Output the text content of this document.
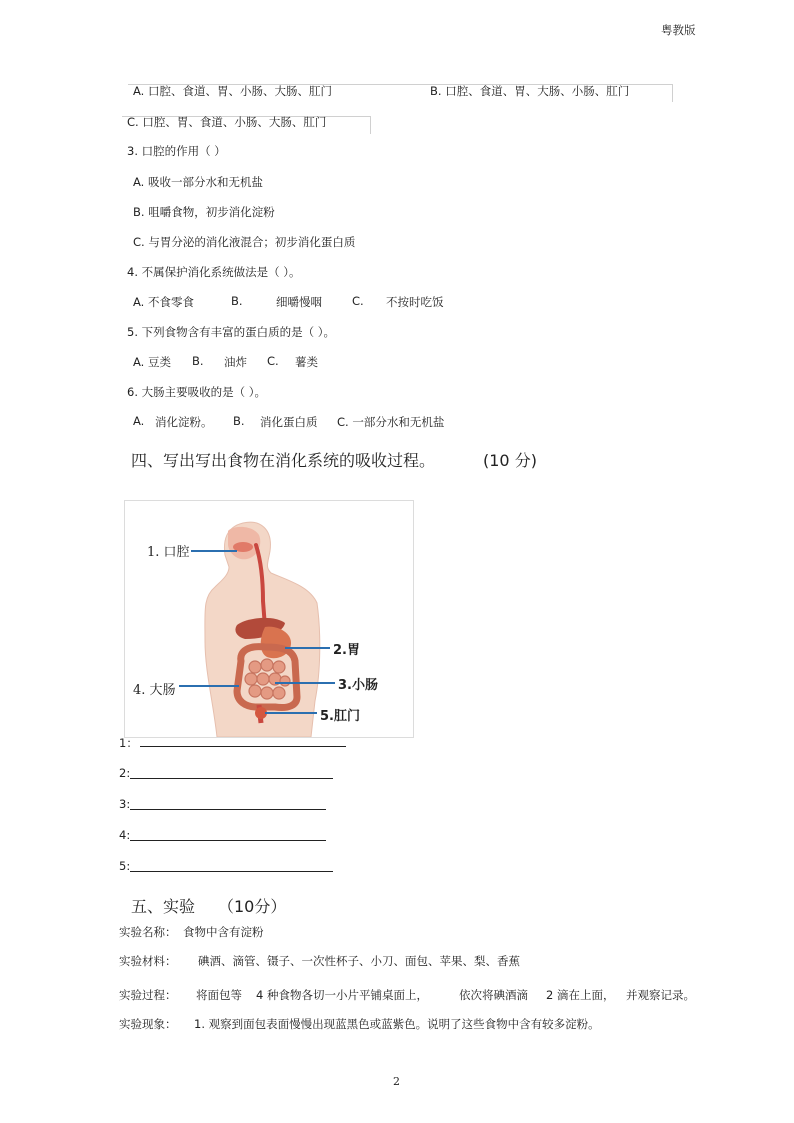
粤教版
A. 口腔、食道、胃、小肠、大肠、肛门	B. 口腔、食道、胃、大肠、小肠、肛门
C. 口腔、胃、食道、小肠、大肠、肛门
3. 口腔的作用（ ）
A. 吸收一部分水和无机盐
B. 咀嚼食物，初步消化淀粉
C. 与胃分泌的消化液混合；初步消化蛋白质
4. 不属保护消化系统做法是（ ）。
A. 不食零食	B.	细嚼慢咽	C. 不按时吃饭
5. 下列食物含有丰富的蛋白质的是（ ）。
A. 豆类 B. 油炸 C. 薯类
6. 大肠主要吸收的是（ ）。
A. 消化淀粉。 B. 消化蛋白质 C. 一部分水和无机盐
四、写出写出食物在消化系统的吸收过程。	(10 分)
1. 口腔
2.胃
3.小肠
4. 大肠
5.肛门
1：
2:
3:
4:
5:
五、实验 （10分）
实验名称： 食物中含有淀粉
实验材料： 碘酒、滴管、镊子、一次性杯子、小刀、面包、苹果、梨、香蕉
实验过程： 将面包等 4 种食物各切一小片平铺桌面上，	依次将碘酒滴 2 滴在上面， 并观察记录。
实验现象： 1. 观察到面包表面慢慢出现蓝黑色或蓝紫色。说明了这些食物中含有较多淀粉。
2
